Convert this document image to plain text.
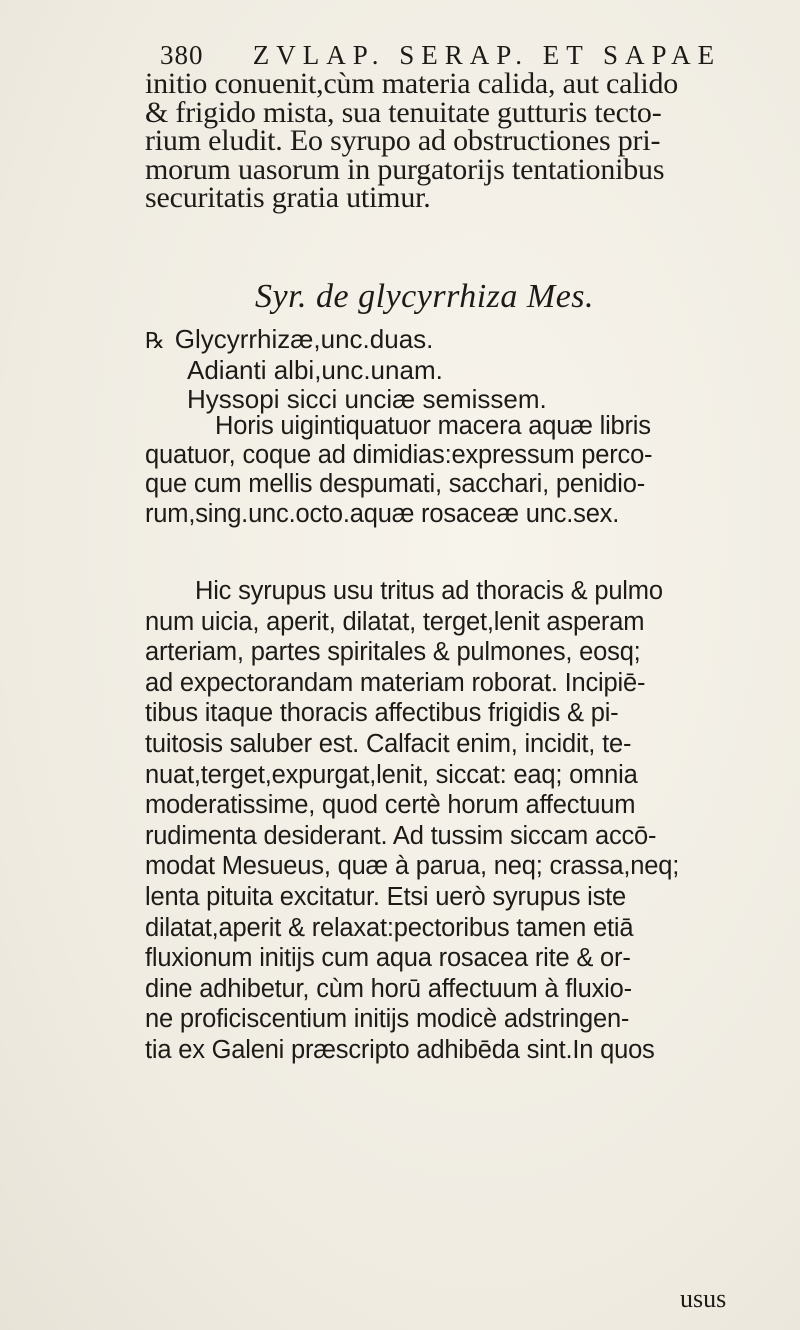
380 ZVLAP. SERAP. ET SAPAE
initio conuenit,cùm materia calida, aut calido
& frigido mista, sua tenuitate gutturis tecto-
rium eludit. Eo syrupo ad obstructiones pri-
morum uasorum in purgatorijs tentationibus
securitatis gratia utimur.
Syr. de glycyrrhiza Mes.
℞ Glycyrrhizæ,unc.duas.
Adianti albi,unc.unam.
Hyssopi sicci unciæ semissem.
Horis uigintiquatuor macera aquæ libris
quatuor, coque ad dimidias:expressum perco-
que cum mellis despumati, sacchari, penidio-
rum,sing.unc.octo.aquæ rosaceæ unc.sex.
Hic syrupus usu tritus ad thoracis & pulmo
num uicia, aperit, dilatat, terget,lenit asperam
arteriam, partes spiritales & pulmones, eosq;
ad expectorandam materiam roborat. Incipiē-
tibus itaque thoracis affectibus frigidis & pi-
tuitosis saluber est. Calfacit enim, incidit, te-
nuat,terget,expurgat,lenit, siccat: eaq; omnia
moderatissime, quod certè horum affectuum
rudimenta desiderant. Ad tussim siccam accō-
modat Mesueus, quæ à parua, neq; crassa,neq;
lenta pituita excitatur. Etsi uerò syrupus iste
dilatat,aperit & relaxat:pectoribus tamen etiā
fluxionum initijs cum aqua rosacea rite & or-
dine adhibetur, cùm horū affectuum à fluxio-
ne proficiscentium initijs modicè adstringen-
tia ex Galeni præscripto adhibēda sint.In quos
usus
